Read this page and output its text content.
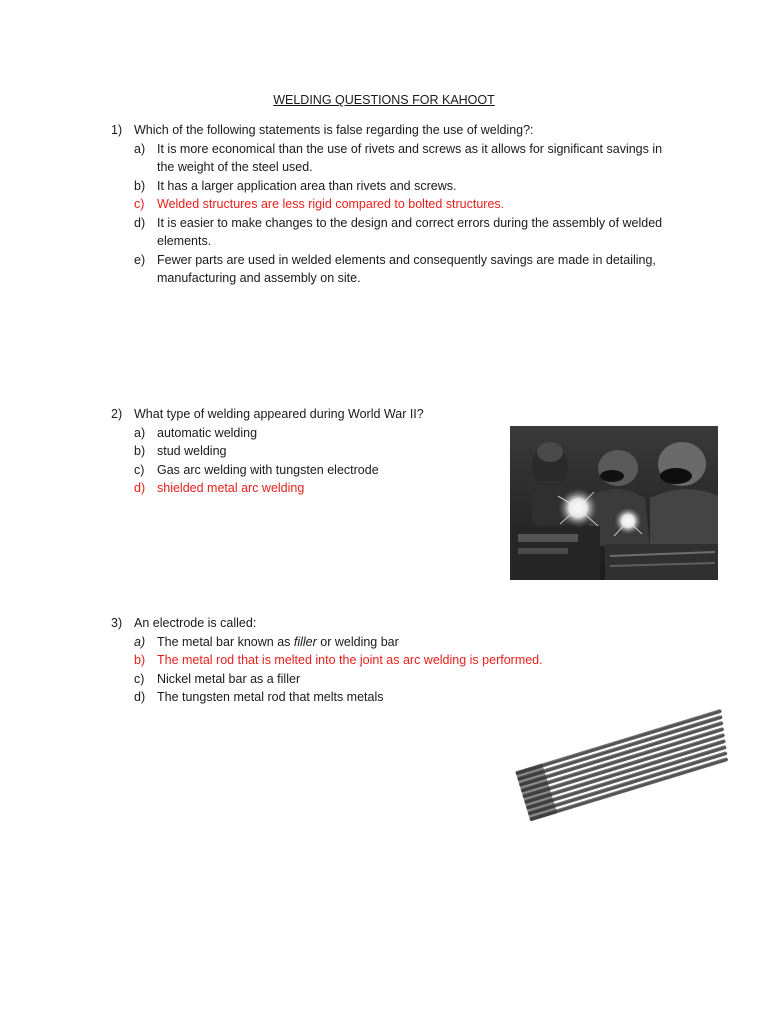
WELDING QUESTIONS FOR KAHOOT
1) Which of the following statements is false regarding the use of welding?:
a) It is more economical than the use of rivets and screws as it allows for significant savings in the weight of the steel used.
b) It has a larger application area than rivets and screws.
c) Welded structures are less rigid compared to bolted structures.
d) It is easier to make changes to the design and correct errors during the assembly of welded elements.
e) Fewer parts are used in welded elements and consequently savings are made in detailing, manufacturing and assembly on site.
2) What type of welding appeared during World War II?
a) automatic welding
b) stud welding
c) Gas arc welding with tungsten electrode
d) shielded metal arc welding
3) An electrode is called:
a) The metal bar known as filler or welding bar
b) The metal rod that is melted into the joint as arc welding is performed.
c) Nickel metal bar as a filler
d) The tungsten metal rod that melts metals
